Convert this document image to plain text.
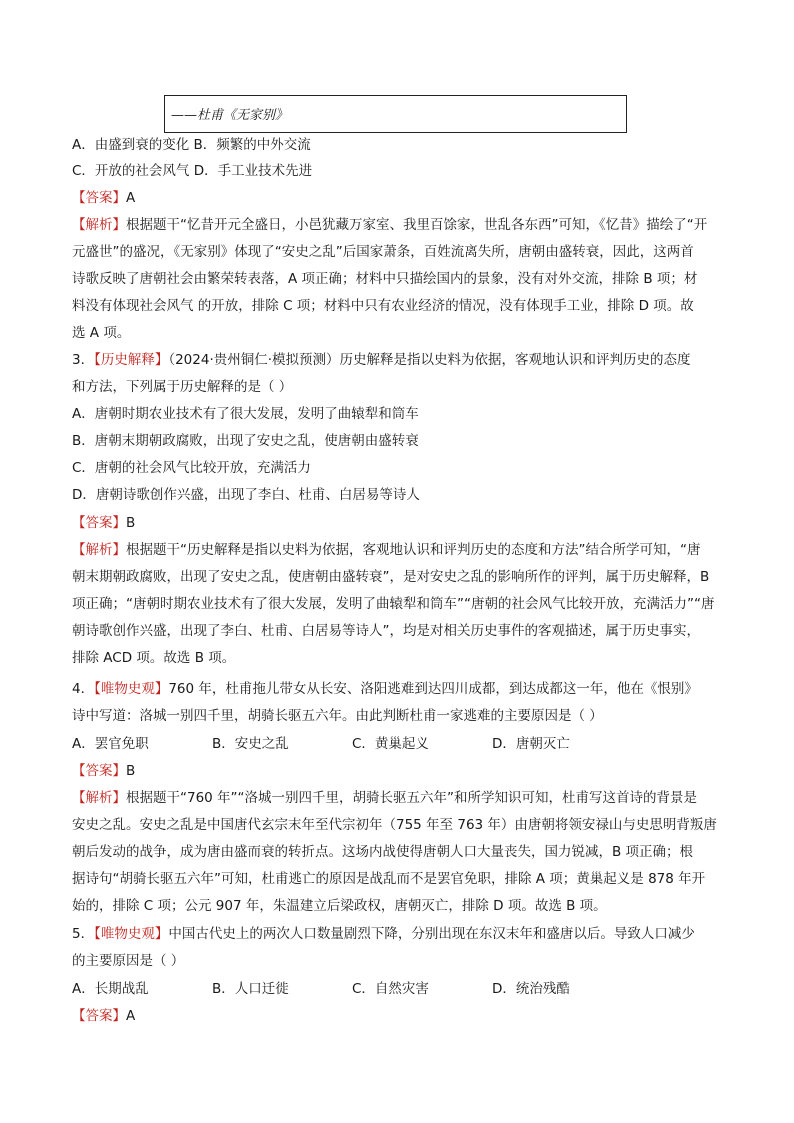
——杜甫《无家别》
A．由盛到衰的变化 B．频繁的中外交流
C．开放的社会风气 D．手工业技术先进
【答案】A
【解析】根据题干“忆昔开元全盛日，小邑犹藏万家室、我里百馀家，世乱各东西”可知，《忆昔》描绘了“开
元盛世”的盛况，《无家别》体现了“安史之乱”后国家萧条，百姓流离失所，唐朝由盛转衰，因此，这两首
诗歌反映了唐朝社会由繁荣转表落，A 项正确；材料中只描绘国内的景象，没有对外交流，排除 B 项；材
料没有体现社会风气 的开放，排除 C 项；材料中只有农业经济的情况，没有体现手工业，排除 D 项。故
选 A 项。
3．【历史解释】（2024·贵州铜仁·模拟预测）历史解释是指以史料为依据，客观地认识和评判历史的态度
和方法，下列属于历史解释的是（ ）
A．唐朝时期农业技术有了很大发展，发明了曲辕犁和筒车
B．唐朝末期朝政腐败，出现了安史之乱，使唐朝由盛转衰
C．唐朝的社会风气比较开放，充满活力
D．唐朝诗歌创作兴盛，出现了李白、杜甫、白居易等诗人
【答案】B
【解析】根据题干“历史解释是指以史料为依据，客观地认识和评判历史的态度和方法”结合所学可知，“唐
朝末期朝政腐败，出现了安史之乱，使唐朝由盛转衰”，是对安史之乱的影响所作的评判，属于历史解释，B
项正确；“唐朝时期农业技术有了很大发展，发明了曲辕犁和筒车”“唐朝的社会风气比较开放，充满活力”“唐
朝诗歌创作兴盛，出现了李白、杜甫、白居易等诗人”，均是对相关历史事件的客观描述，属于历史事实，
排除 ACD 项。故选 B 项。
4．【唯物史观】760 年，杜甫拖儿带女从长安、洛阳逃难到达四川成都，到达成都这一年，他在《恨别》
诗中写道：洛城一别四千里，胡骑长驱五六年。由此判断杜甫一家逃难的主要原因是（ ）
A．罢官免职	B．安史之乱	C．黄巢起义	D．唐朝灭亡
【答案】B
【解析】根据题干“760 年”“洛城一别四千里，胡骑长驱五六年”和所学知识可知，杜甫写这首诗的背景是
安史之乱。安史之乱是中国唐代玄宗末年至代宗初年（755 年至 763 年）由唐朝将领安禄山与史思明背叛唐
朝后发动的战争，成为唐由盛而衰的转折点。这场内战使得唐朝人口大量丧失，国力锐减，B 项正确；根
据诗句“胡骑长驱五六年”可知，杜甫逃亡的原因是战乱而不是罢官免职，排除 A 项；黄巢起义是 878 年开
始的，排除 C 项；公元 907 年，朱温建立后梁政权，唐朝灭亡，排除 D 项。故选 B 项。
5．【唯物史观】中国古代史上的两次人口数量剧烈下降，分别出现在东汉末年和盛唐以后。导致人口减少
的主要原因是（ ）
A．长期战乱	B．人口迁徙	C．自然灾害	D．统治残酷
【答案】A
